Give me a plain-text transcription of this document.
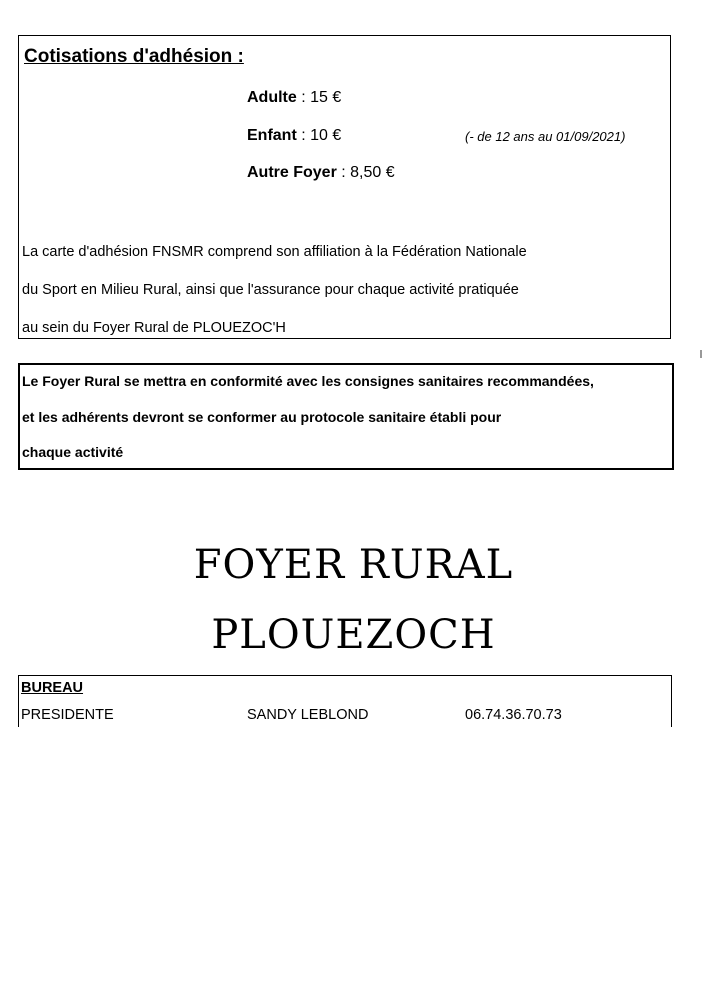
Cotisations d'adhésion :
Adulte : 15 €
Enfant : 10 €	(- de 12 ans au 01/09/2021)
Autre Foyer : 8,50 €
La carte d'adhésion FNSMR comprend son affiliation à la Fédération Nationale
du Sport en Milieu Rural, ainsi que l'assurance pour chaque activité pratiquée
au sein du Foyer Rural de PLOUEZOC'H
Le Foyer Rural se mettra en conformité avec les consignes sanitaires recommandées,
et les adhérents devront se conformer au protocole sanitaire établi pour
chaque activité
FOYER RURAL
PLOUEZOCH
BUREAU
PRESIDENTE	SANDY LEBLOND	06.74.36.70.73
